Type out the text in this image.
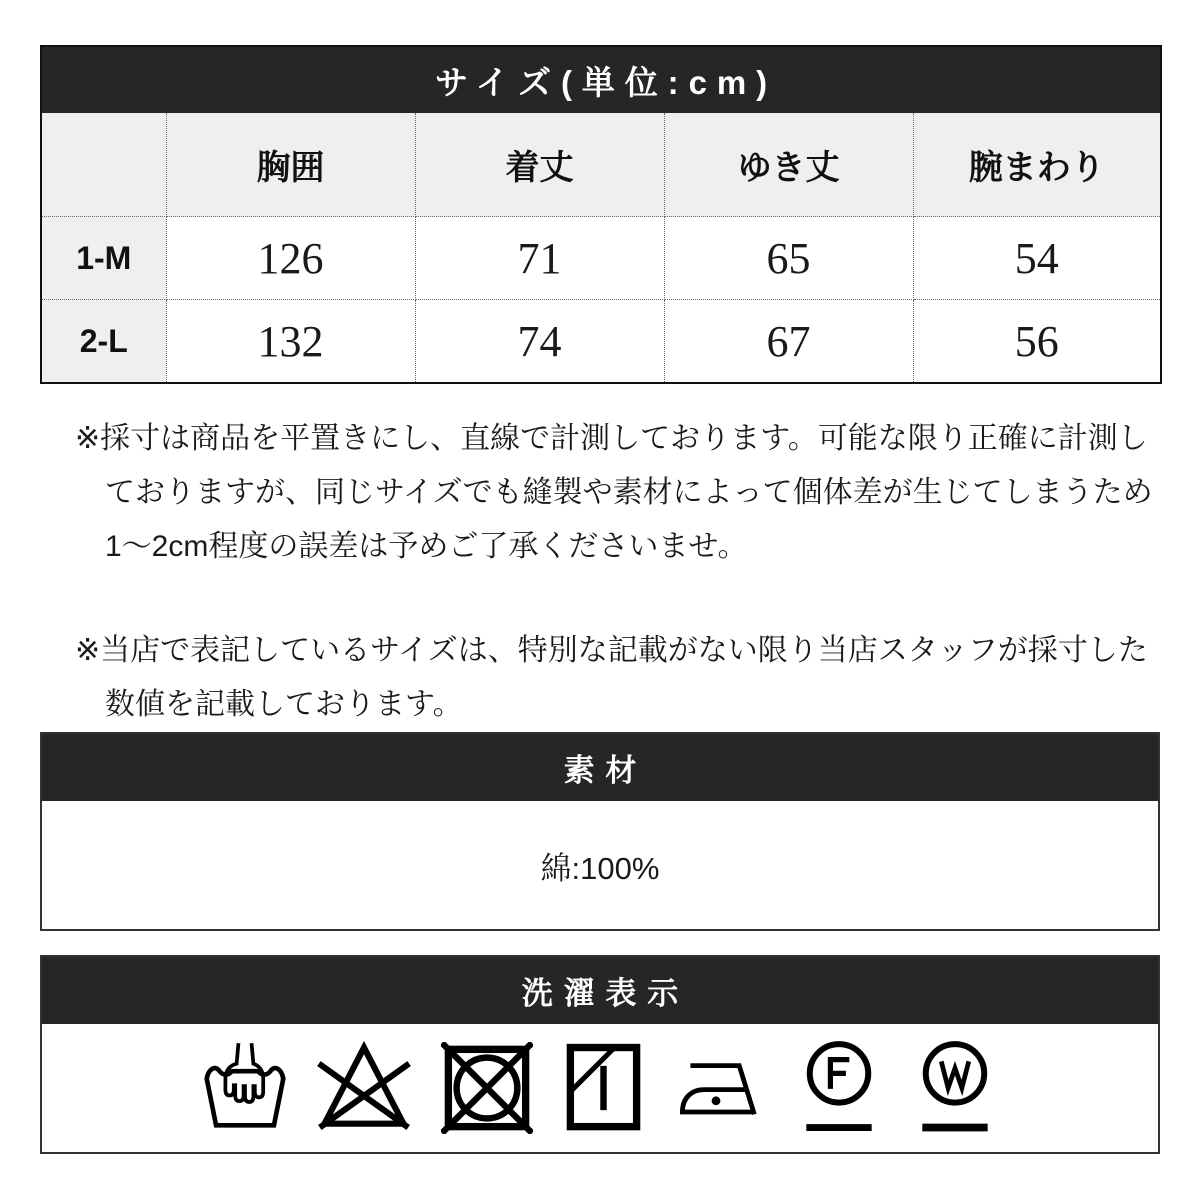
サイズ(単位:cm)				
	胸囲	着丈	ゆき丈	腕まわり
1-M	126	71	65	54
2-L	132	74	67	56
※採寸は商品を平置きにし、直線で計測しております。可能な限り正確に計測し
ておりますが、同じサイズでも縫製や素材によって個体差が生じてしまうため
1〜2cm程度の誤差は予めご了承くださいませ。
※当店で表記しているサイズは、特別な記載がない限り当店スタッフが採寸した
数値を記載しております。
素材
綿:100%
洗濯表示
